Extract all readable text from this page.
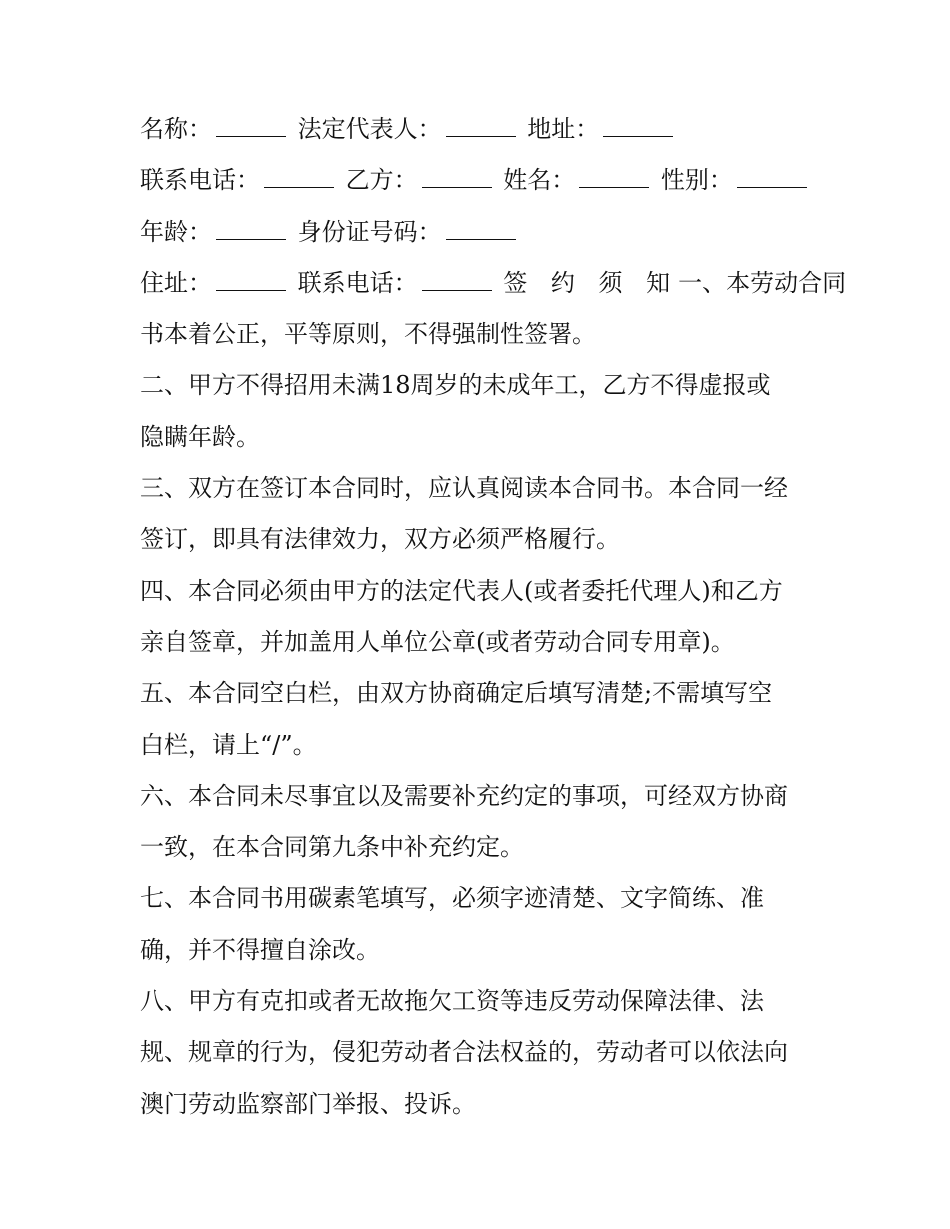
名称：	法定代表人：	地址：
联系电话：	乙方：	姓名：	性别：
年龄：	身份证号码：
住址：	联系电话：	签 约 须 知一、本劳动合同
书本着公正，平等原则，不得强制性签署。
二、甲方不得招用未满18周岁的未成年工，乙方不得虚报或
隐瞒年龄。
三、双方在签订本合同时，应认真阅读本合同书。本合同一经
签订，即具有法律效力，双方必须严格履行。
四、本合同必须由甲方的法定代表人(或者委托代理人)和乙方
亲自签章，并加盖用人单位公章(或者劳动合同专用章)。
五、本合同空白栏，由双方协商确定后填写清楚;不需填写空
白栏，请上“/”。
六、本合同未尽事宜以及需要补充约定的事项，可经双方协商
一致，在本合同第九条中补充约定。
七、本合同书用碳素笔填写，必须字迹清楚、文字简练、准
确，并不得擅自涂改。
八、甲方有克扣或者无故拖欠工资等违反劳动保障法律、法
规、规章的行为，侵犯劳动者合法权益的，劳动者可以依法向
澳门劳动监察部门举报、投诉。
